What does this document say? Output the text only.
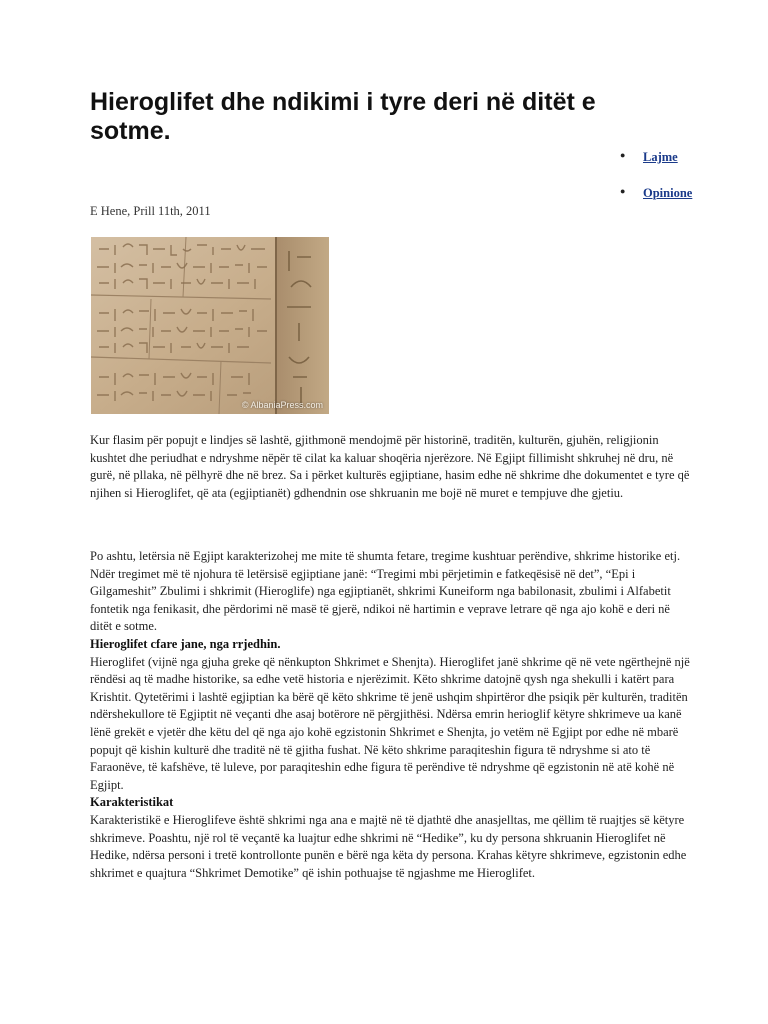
Hieroglifet dhe ndikimi i tyre deri në ditët e sotme.
● Lajme
● Opinione
E Hene, Prill 11th, 2011
© AlbaniaPress.com

Kur flasim për popujt e lindjes së lashtë, gjithmonë mendojmë për historinë, traditën, kulturën, gjuhën, religjionin kushtet dhe periudhat e ndryshme nëpër të cilat ka kaluar shoqëria njerëzore. Në Egjipt fillimisht shkruhej në dru, në gurë, në pllaka, në pëlhyrë dhe në brez. Sa i përket kulturës egjiptiane, hasim edhe në shkrime dhe dokumentet e tyre që njihen si Hieroglifet, që ata (egjiptianët) gdhendnin ose shkruanin me bojë në muret e tempjuve dhe gjetiu.

Po ashtu, letërsia në Egjipt karakterizohej me mite të shumta fetare, tregime kushtuar perëndive, shkrime historike etj. Ndër tregimet më të njohura të letërsisë egjiptiane janë: “Tregimi mbi përjetimin e fatkeqësisë në det”, “Epi i Gilgameshit” Zbulimi i shkrimit (Hieroglife) nga egjiptianët, shkrimi Kuneiform nga babilonasit, zbulimi i Alfabetit fontetik nga fenikasit, dhe përdorimi në masë të gjerë, ndikoi në hartimin e veprave letrare që nga ajo kohë e deri në ditët e sotme.
Hieroglifet cfare jane, nga rrjedhin.
Hieroglifet (vijnë nga gjuha greke që nënkupton Shkrimet e Shenjta). Hieroglifet janë shkrime që në vete ngërthejnë një rëndësi aq të madhe historike, sa edhe vetë historia e njerëzimit. Këto shkrime datojnë qysh nga shekulli i katërt para Krishtit. Qytetërimi i lashtë egjiptian ka bërë që këto shkrime të jenë ushqim shpirtëror dhe psiqik për kulturën, traditën ndërshekullore të Egjiptit në veçanti dhe asaj botërore në përgjithësi. Ndërsa emrin herioglif këtyre shkrimeve ua kanë lënë grekët e vjetër dhe këtu del që nga ajo kohë egzistonin Shkrimet e Shenjta, jo vetëm në Egjipt por edhe në mbarë popujt që kishin kulturë dhe traditë në të gjitha fushat. Në këto shkrime paraqiteshin figura të ndryshme si ato të Faraonëve, të kafshëve, të luleve, por paraqiteshin edhe figura të perëndive të ndryshme që egzistonin në atë kohë në Egjipt.
Karakteristikat
Karakteristikë e Hieroglifeve është shkrimi nga ana e majtë në të djathtë dhe anasjelltas, me qëllim të ruajtjes së këtyre shkrimeve. Poashtu, një rol të veçantë ka luajtur edhe shkrimi në “Hedike”, ku dy persona shkruanin Hieroglifet në Hedike, ndërsa personi i tretë kontrollonte punën e bërë nga këta dy persona. Krahas këtyre shkrimeve, egzistonin edhe shkrimet e quajtura “Shkrimet Demotike” që ishin pothuajse të ngjashme me Hieroglifet.
